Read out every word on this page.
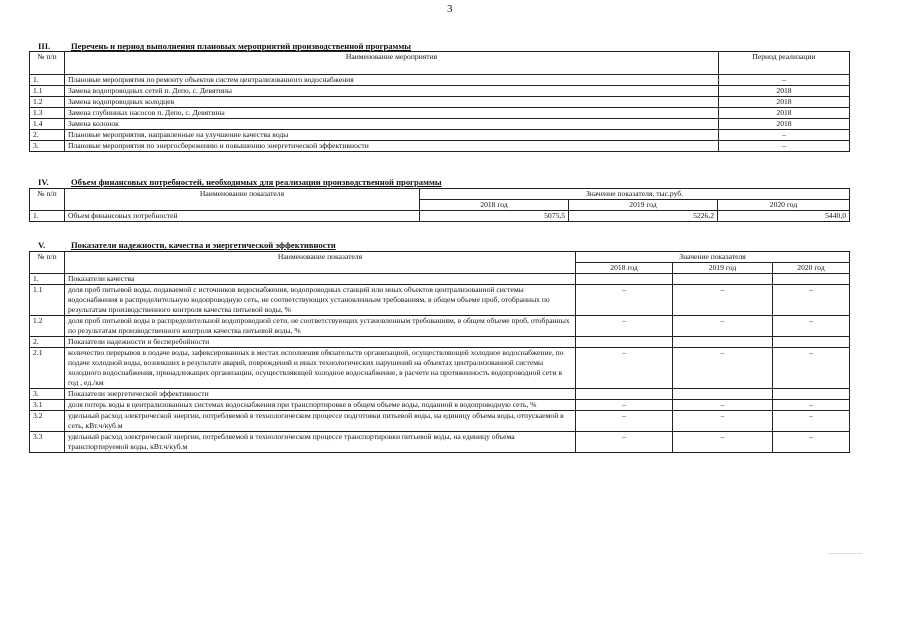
3
III. Перечень и период выполнения плановых мероприятий производственной программы
№ п/п	Наименование мероприятия	Период реализации
1.	Плановые мероприятия по ремонту объектов систем централизованного водоснабжения	–
1.1	Замена водопроводных сетей п. Депо, с. Девятины	2018
1.2	Замена водопроводных колодцев	2018
1.3	Замена глубинных насосов п. Депо, с. Девятины	2018
1.4	Замена колонок	2018
2.	Плановые мероприятия, направленные на улучшение качества воды	–
3.	Плановые мероприятия по энергосбережению и повышению энергетической эффективности	–
IV.	Объем финансовых потребностей, необходимых для реализации производственной программы
№ п/п	Наименование показателя	Значение показателя, тыс.руб.		
		2018 год	2019 год	2020 год
1.	Объем финансовых потребностей	5075,5	5226,2	5440,0
V.	Показатели надежности, качества и энергетической эффективности
№ п/п	Наименование показателя	Значение показателя		
		2018 год	2019 год	2020 год
1.	Показатели качества			
1.1	доля проб питьевой воды, подаваемой с источников водоснабжения, водопроводных станций или иных объектов централизованной системы водоснабжения в распределительную водопроводную сеть, не соответствующих установленным требованиям, в общем объеме проб, отобранных по результатам производственного контроля качества питьевой воды, %	–	–	–
1.2	доля проб питьевой воды в распределительной водопроводной сети, не соответствующих установленным требованиям, в общем объеме проб, отобранных по результатам производственного контроля качества питьевой воды, %	–	–	–
2.	Показатели надежности и бесперебойности			
2.1	количество перерывов в подаче воды, зафиксированных в местах исполнения обязательств организацией, осуществляющей холодное водоснабжение, по подаче холодной воды, возникших в результате аварий, повреждений и иных технологических нарушений на объектах централизованной системы холодного водоснабжения, принадлежащих организации, осуществляющей холодное водоснабжение, в расчете на протяженность водопроводной сети в год , ед./км	–	–	–
3.	Показатели энергетической эффективности			
3.1	доля потерь воды в централизованных системах водоснабжения при транспортировке в общем объеме воды, поданной в водопроводную сеть, %	–	–	–
3.2	удельный расход электрической энергии, потребляемой в технологическом процессе подготовки питьевой воды, на единицу объема воды, отпускаемой в сеть, кВт.ч/куб.м	–	–	–
3.3	удельный расход электрической энергии, потребляемой в технологическом процессе транспортировки питьевой воды, на единицу объема транспортируемой воды, кВт.ч/куб.м	–	–	–
